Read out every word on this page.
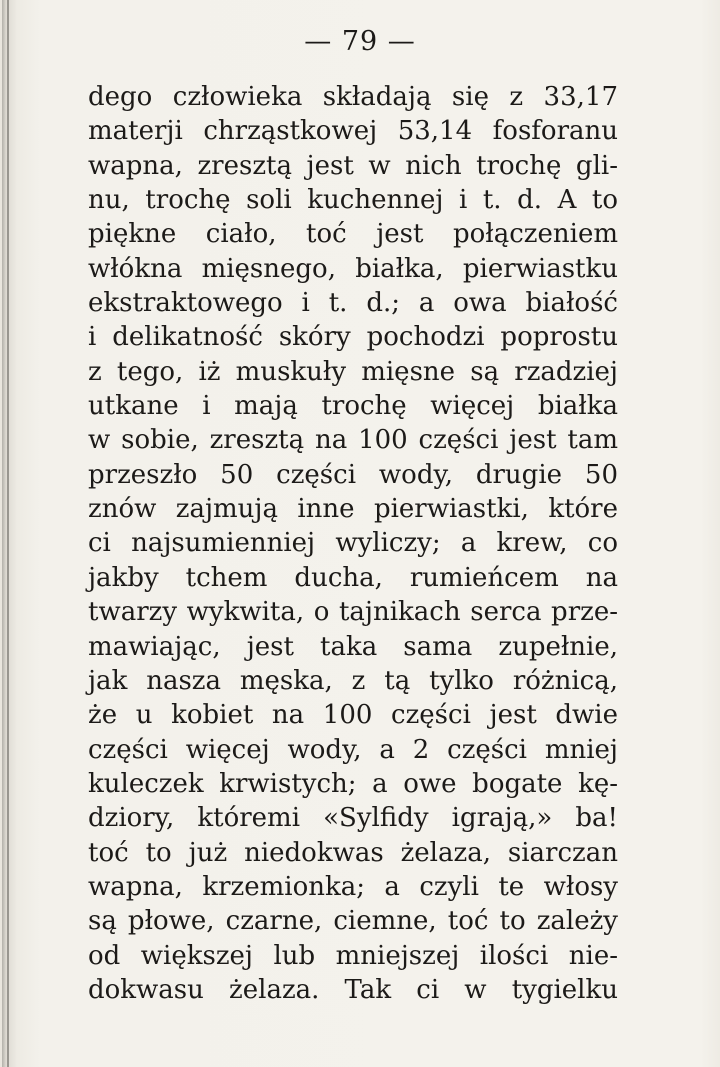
— 79 —
dego człowieka składają się z 33,17
materji chrząstkowej 53,14 fosforanu
wapna, zresztą jest w nich trochę gli-
nu, trochę soli kuchennej i t. d. A to
piękne ciało, toć jest połączeniem
włókna mięsnego, białka, pierwiastku
ekstraktowego i t. d.; a owa białość
i delikatność skóry pochodzi poprostu
z tego, iż muskuły mięsne są rzadziej
utkane i mają trochę więcej białka
w sobie, zresztą na 100 części jest tam
przeszło 50 części wody, drugie 50
znów zajmują inne pierwiastki, które
ci najsumienniej wyliczy; a krew, co
jakby tchem ducha, rumieńcem na
twarzy wykwita, o tajnikach serca prze-
mawiając, jest taka sama zupełnie,
jak nasza męska, z tą tylko różnicą,
że u kobiet na 100 części jest dwie
części więcej wody, a 2 części mniej
kuleczek krwistych; a owe bogate kę-
dziory, któremi «Sylfidy igrają,» ba!
toć to już niedokwas żelaza, siarczan
wapna, krzemionka; a czyli te włosy
są płowe, czarne, ciemne, toć to zależy
od większej lub mniejszej ilości nie-
dokwasu żelaza. Tak ci w tygielku
